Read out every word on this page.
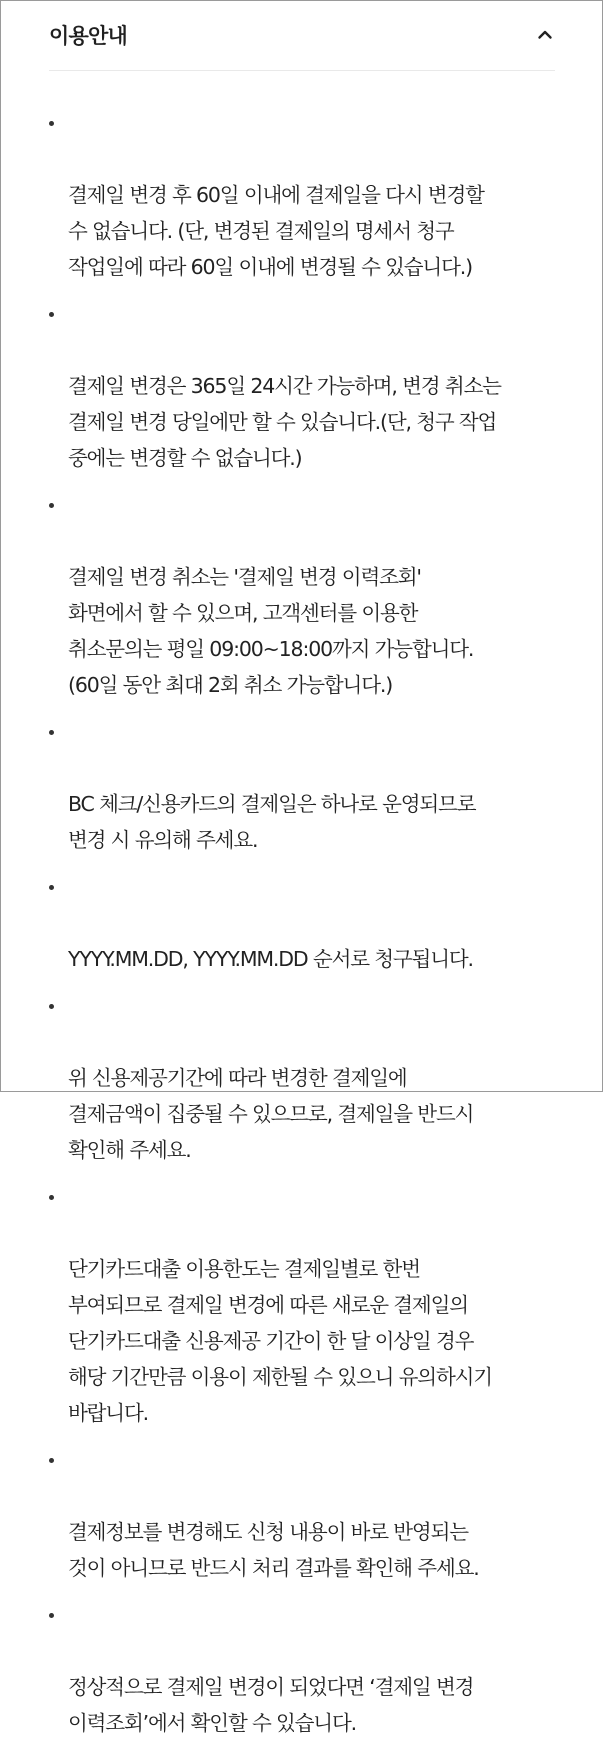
이용안내

결제일 변경 후 60일 이내에 결제일을 다시 변경할
수 없습니다. (단, 변경된 결제일의 명세서 청구
작업일에 따라 60일 이내에 변경될 수 있습니다.)

결제일 변경은 365일 24시간 가능하며, 변경 취소는
결제일 변경 당일에만 할 수 있습니다.(단, 청구 작업
중에는 변경할 수 없습니다.)

결제일 변경 취소는 '결제일 변경 이력조회'
화면에서 할 수 있으며, 고객센터를 이용한
취소문의는 평일 09:00~18:00까지 가능합니다.
(60일 동안 최대 2회 취소 가능합니다.)

BC 체크/신용카드의 결제일은 하나로 운영되므로
변경 시 유의해 주세요.

YYYY.MM.DD, YYYY.MM.DD 순서로 청구됩니다.

위 신용제공기간에 따라 변경한 결제일에
결제금액이 집중될 수 있으므로, 결제일을 반드시
확인해 주세요.

단기카드대출 이용한도는 결제일별로 한번
부여되므로 결제일 변경에 따른 새로운 결제일의
단기카드대출 신용제공 기간이 한 달 이상일 경우
해당 기간만큼 이용이 제한될 수 있으니 유의하시기
바랍니다.

결제정보를 변경해도 신청 내용이 바로 반영되는
것이 아니므로 반드시 처리 결과를 확인해 주세요.

정상적으로 결제일 변경이 되었다면 ‘결제일 변경
이력조회’에서 확인할 수 있습니다.
